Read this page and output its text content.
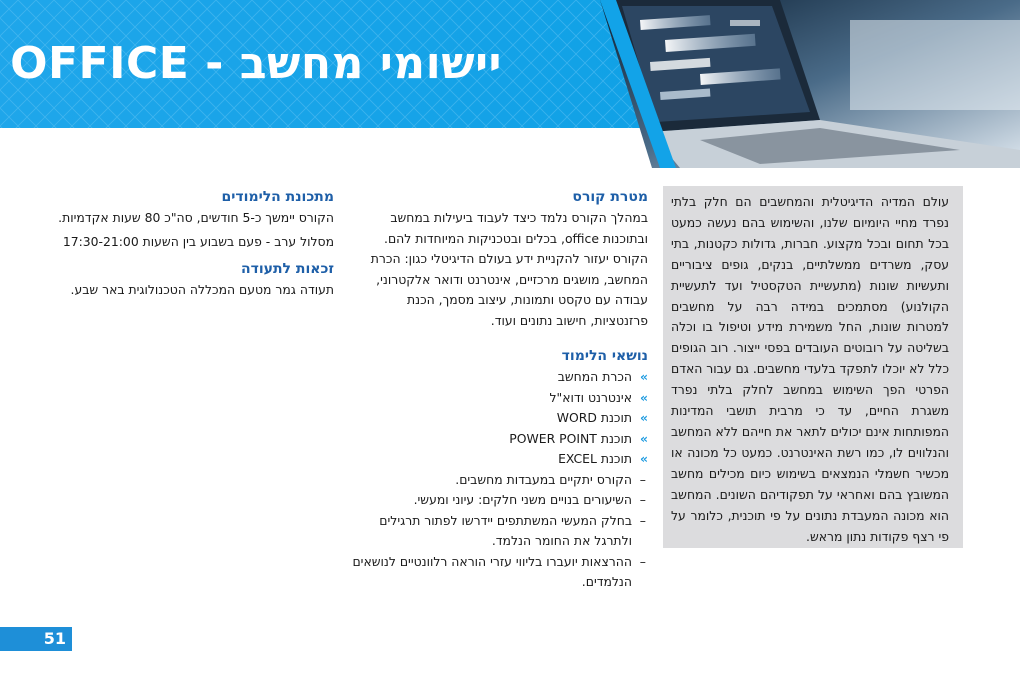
יישומי מחשב - OFFICE

עולם המדיה הדיגיטלית והמחשבים הם חלק בלתי נפרד מחיי היומיום שלנו, והשימוש בהם נעשה כמעט בכל תחום ובכל מקצוע. חברות, גדולות כקטנות, בתי עסק, משרדים ממשלתיים, בנקים, גופים ציבוריים ותעשיות שונות (מתעשיית הטקסטיל ועד לתעשיית הקולנוע) מסתמכים במידה רבה על מחשבים למטרות שונות, החל משמירת מידע וטיפול בו וכלה בשליטה על רובוטים העובדים בפסי ייצור. רוב הגופים כלל לא יוכלו לתפקד בלעדי מחשבים. גם עבור האדם הפרטי הפך השימוש במחשב לחלק בלתי נפרד משגרת החיים, עד כי מרבית תושבי המדינות המפותחות אינם יכולים לתאר את חייהם ללא המחשב והנלווים לו, כמו רשת האינטרנט. כמעט כל מכונה או מכשיר חשמלי הנמצאים בשימוש כיום מכילים מחשב המשובץ בהם ואחראי על תפקודיהם השונים. המחשב הוא מכונה המעבדת נתונים על פי תוכנית, כלומר על פי רצף פקודות נתון מראש.

מטרת קורס

במהלך הקורס נלמד כיצד לעבוד ביעילות במחשב ובתוכנות office, בכלים ובטכניקות המיוחדות להם.

הקורס יעזור להקניית ידע בעולם הדיגיטלי כגון: הכרת המחשב, מושגים מרכזיים, אינטרנט ודואר אלקטרוני, עבודה עם טקסט ותמונות, עיצוב מסמך, הכנת פרזנטציות, חישוב נתונים ועוד.

נושאי הלימוד
»
הכרת המחשב
»
אינטרנט ודוא"ל
»
תוכנת WORD
»
תוכנת POWER POINT
»
תוכנת EXCEL
–
הקורס יתקיים במעבדות מחשבים.
–
השיעורים בנויים משני חלקים: עיוני ומעשי.
–
בחלק המעשי המשתתפים יידרשו לפתור תרגילים ולתרגל את החומר הנלמד.
–
ההרצאות יועברו בליווי עזרי הוראה רלוונטיים לנושאים הנלמדים.
מתכונת הלימודים

הקורס יימשך כ-5 חודשים, סה"כ 80 שעות אקדמיות.

מסלול ערב - פעם בשבוע בין השעות 17:30-21:00

זכאות לתעודה

תעודה גמר מטעם המכללה הטכנולוגית באר שבע.

51
